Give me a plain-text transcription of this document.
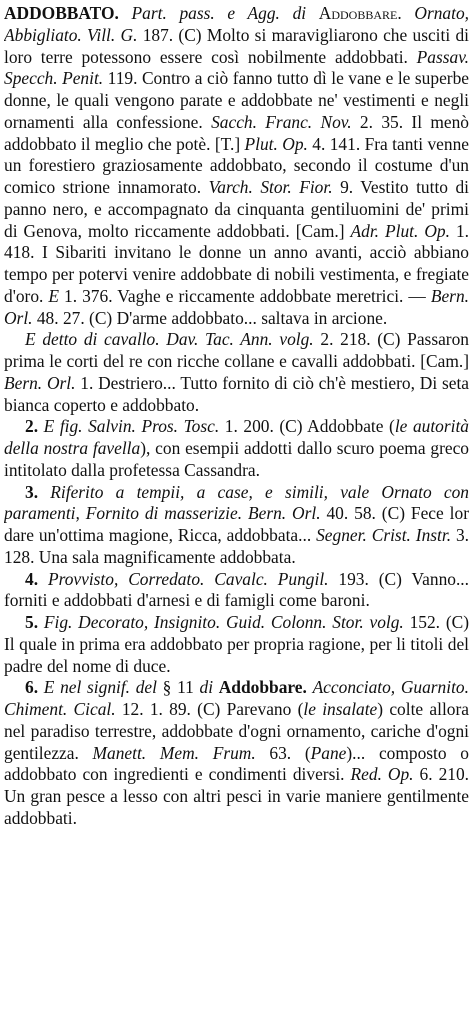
ADDOBBATO. Part. pass. e Agg. di Addobbare. Ornato, Abbigliato. Vill. G. 187. (C) Molto si maravigliarono che usciti di loro terre potessono essere così nobilmente addobbati. Passav. Specch. Penit. 119. Contro a ciò fanno tutto dì le vane e le superbe donne, le quali vengono parate e addobbate ne' vestimenti e negli ornamenti alla confessione. Sacch. Franc. Nov. 2. 35. Il menò addobbato il meglio che potè. [T.] Plut. Op. 4. 141. Fra tanti venne un forestiero graziosamente addobbato, secondo il costume d'un comico strione innamorato. Varch. Stor. Fior. 9. Vestito tutto di panno nero, e accompagnato da cinquanta gentiluomini de' primi di Genova, molto riccamente addobbati. [Cam.] Adr. Plut. Op. 1. 418. I Sibariti invitano le donne un anno avanti, acciò abbiano tempo per potervi venire addobbate di nobili vestimenta, e fregiate d'oro. E 1. 376. Vaghe e riccamente addobbate meretrici. — Bern. Orl. 48. 27. (C) D'arme addobbato... saltava in arcione.

E detto di cavallo. Dav. Tac. Ann. volg. 2. 218. (C) Passaron prima le corti del re con ricche collane e cavalli addobbati. [Cam.] Bern. Orl. 1. Destriero... Tutto fornito di ciò ch'è mestiero, Di seta bianca coperto e addobbato.

2. E fig. Salvin. Pros. Tosc. 1. 200. (C) Addobbate (le autorità della nostra favella), con esempii addotti dallo scuro poema greco intitolato dalla profetessa Cassandra.

3. Riferito a tempii, a case, e simili, vale Ornato con paramenti, Fornito di masserizie. Bern. Orl. 40. 58. (C) Fece lor dare un'ottima magione, Ricca, addobbata... Segner. Crist. Instr. 3. 128. Una sala magnificamente addobbata.

4. Provvisto, Corredato. Cavalc. Pungil. 193. (C) Vanno... forniti e addobbati d'arnesi e di famigli come baroni.

5. Fig. Decorato, Insignito. Guid. Colonn. Stor. volg. 152. (C) Il quale in prima era addobbato per propria ragione, per li titoli del padre del nome di duce.

6. E nel signif. del § 11 di Addobbare. Acconciato, Guarnito. Chiment. Cical. 12. 1. 89. (C) Parevano (le insalate) colte allora nel paradiso terrestre, addobbate d'ogni ornamento, cariche d'ogni gentilezza. Manett. Mem. Frum. 63. (Pane)... composto o addobbato con ingredienti e condimenti diversi. Red. Op. 6. 210. Un gran pesce a lesso con altri pesci in varie maniere gentilmente addobbati.
